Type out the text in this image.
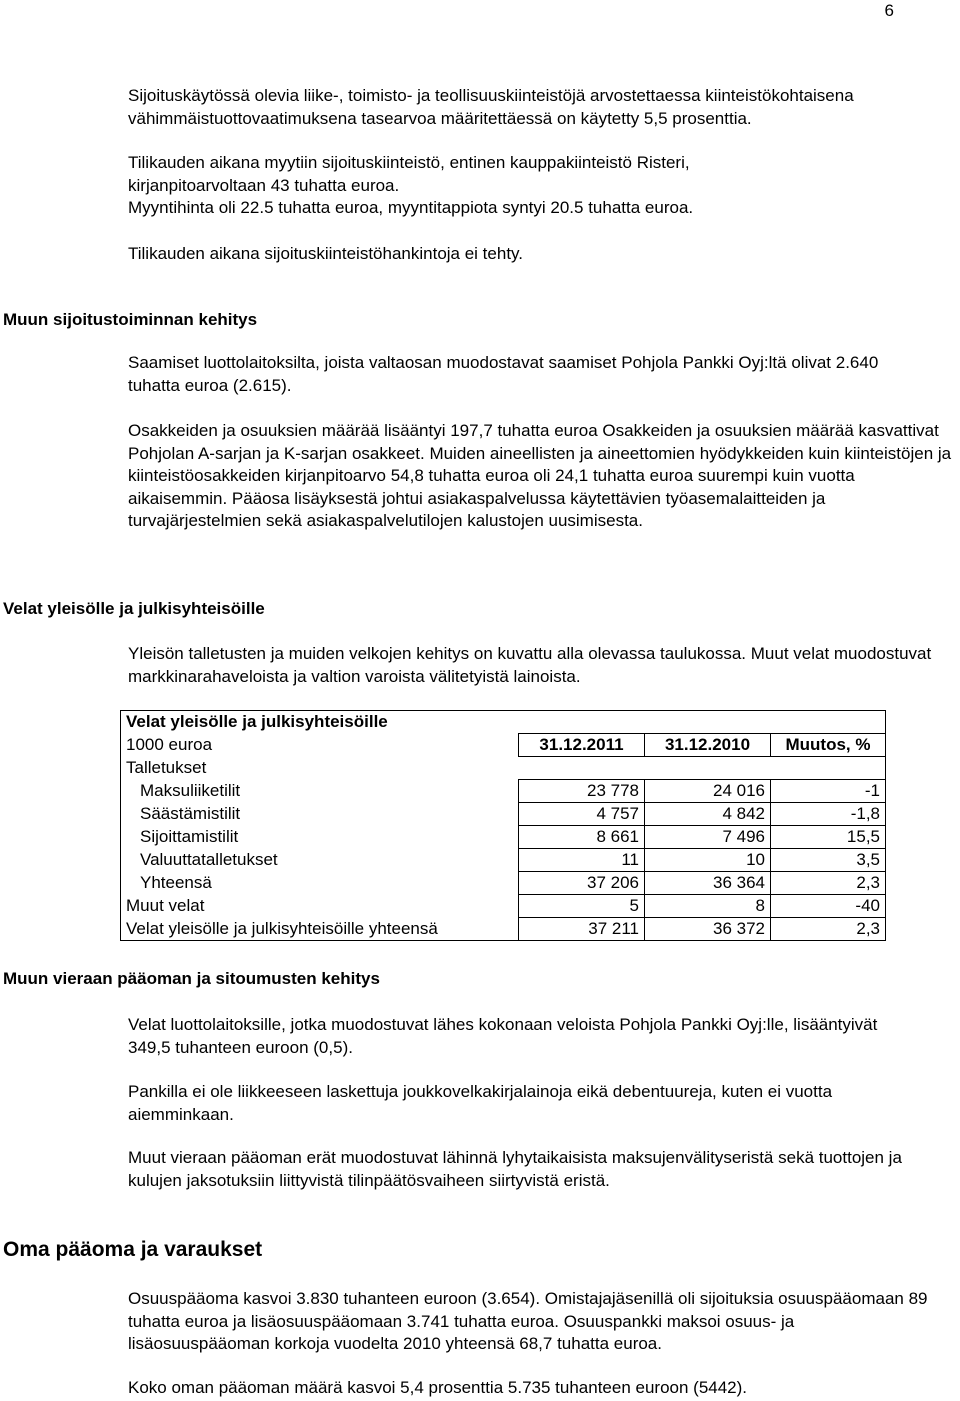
6

Sijoituskäytössä olevia liike-, toimisto- ja teollisuuskiinteistöjä arvostettaessa kiinteistökohtaisena vähimmäistuottovaatimuksena tasearvoa määritettäessä on käytetty 5,5 prosenttia.

Tilikauden aikana myytiin sijoituskiinteistö, entinen kauppakiinteistö Risteri,
kirjanpitoarvoltaan 43 tuhatta euroa.
Myyntihinta oli 22.5 tuhatta euroa, myyntitappiota syntyi 20.5 tuhatta euroa.

Tilikauden aikana sijoituskiinteistöhankintoja ei tehty.

Muun sijoitustoiminnan kehitys

Saamiset luottolaitoksilta, joista valtaosan muodostavat saamiset Pohjola Pankki Oyj:ltä olivat 2.640 tuhatta euroa (2.615).

Osakkeiden ja osuuksien määrää lisääntyi 197,7 tuhatta euroa Osakkeiden ja osuuksien määrää kasvattivat Pohjolan A-sarjan ja K-sarjan osakkeet. Muiden aineellisten ja aineettomien hyödykkeiden kuin kiinteistöjen ja kiinteistöosakkeiden kirjanpitoarvo 54,8 tuhatta euroa oli 24,1 tuhatta euroa suurempi kuin vuotta aikaisemmin. Pääosa lisäyksestä johtui asiakaspalvelussa käytettävien työasemalaitteiden ja turvajärjestelmien sekä asiakaspalvelutilojen kalustojen uusimisesta.

Velat yleisölle ja julkisyhteisöille

Yleisön talletusten ja muiden velkojen kehitys on kuvattu alla olevassa taulukossa. Muut velat muodostuvat markkinarahaveloista ja valtion varoista välitetyistä lainoista.

Velat yleisölle ja julkisyhteisöille			
1000 euroa	31.12.2011	31.12.2010	Muutos, %
Talletukset			
Maksuliiketilit	23 778	24 016	-1
Säästämistilit	4 757	4 842	-1,8
Sijoittamistilit	8 661	7 496	15,5
Valuuttatalletukset	11	10	3,5
Yhteensä	37 206	36 364	2,3
Muut velat	5	8	-40
Velat yleisölle ja julkisyhteisöille yhteensä	37 211	36 372	2,3
Muun vieraan pääoman ja sitoumusten kehitys

Velat luottolaitoksille, jotka muodostuvat lähes kokonaan veloista Pohjola Pankki Oyj:lle, lisääntyivät 349,5 tuhanteen euroon (0,5).

Pankilla ei ole liikkeeseen laskettuja joukkovelkakirjalainoja eikä debentuureja, kuten ei vuotta aiemminkaan.

Muut vieraan pääoman erät muodostuvat lähinnä lyhytaikaisista maksujenvälityseristä sekä tuottojen ja kulujen jaksotuksiin liittyvistä tilinpäätösvaiheen siirtyvistä eristä.

Oma pääoma ja varaukset

Osuuspääoma kasvoi 3.830 tuhanteen euroon (3.654). Omistajajäsenillä oli sijoituksia osuuspääomaan 89 tuhatta euroa ja lisäosuuspääomaan 3.741 tuhatta euroa. Osuuspankki maksoi osuus- ja lisäosuuspääoman korkoja vuodelta 2010 yhteensä 68,7 tuhatta euroa.

Koko oman pääoman määrä kasvoi 5,4 prosenttia 5.735 tuhanteen euroon (5442).
